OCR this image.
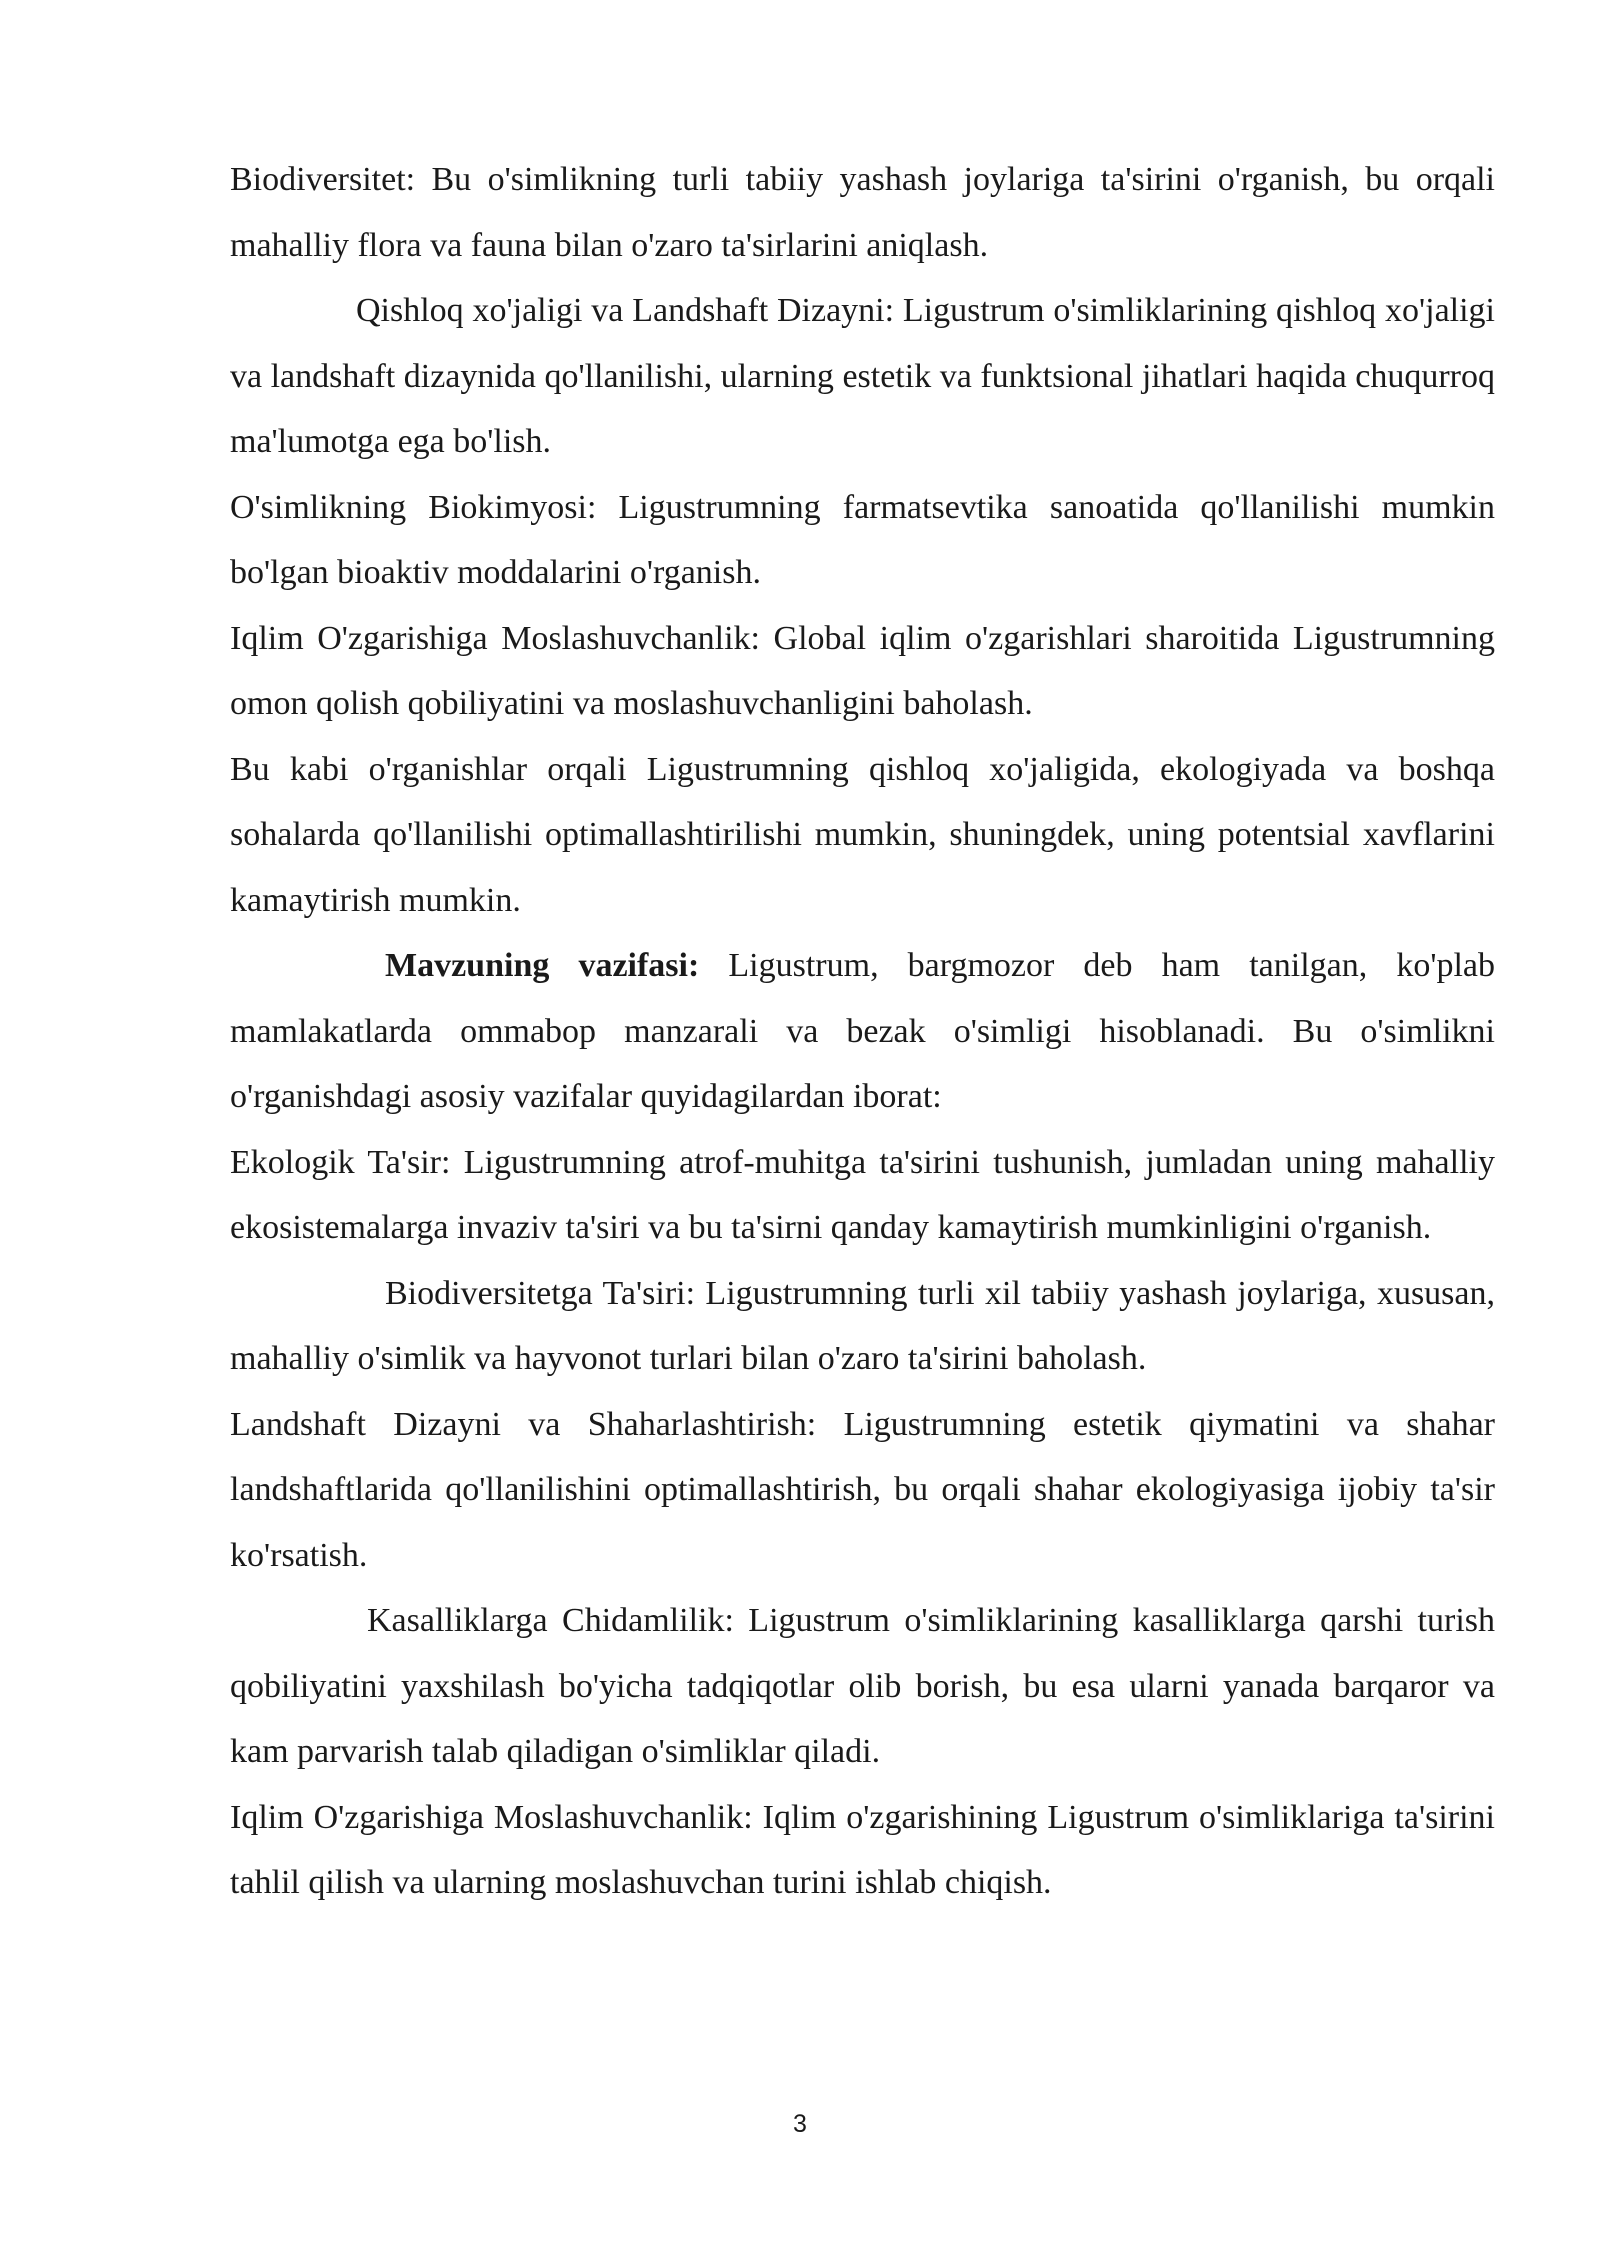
Biodiversitet: Bu o'simlikning turli tabiiy yashash joylariga ta'sirini o'rganish, bu orqali mahalliy flora va fauna bilan o'zaro ta'sirlarini aniqlash.

Qishloq xo'jaligi va Landshaft Dizayni: Ligustrum o'simliklarining qishloq xo'jaligi va landshaft dizaynida qo'llanilishi, ularning estetik va funktsional jihatlari haqida chuqurroq ma'lumotga ega bo'lish.

O'simlikning Biokimyosi: Ligustrumning farmatsevtika sanoatida qo'llanilishi mumkin bo'lgan bioaktiv moddalarini o'rganish.

Iqlim O'zgarishiga Moslashuvchanlik: Global iqlim o'zgarishlari sharoitida Ligustrumning omon qolish qobiliyatini va moslashuvchanligini baholash.

Bu kabi o'rganishlar orqali Ligustrumning qishloq xo'jaligida, ekologiyada va boshqa sohalarda qo'llanilishi optimallashtirilishi mumkin, shuningdek, uning potentsial xavflarini kamaytirish mumkin.

Mavzuning vazifasi: Ligustrum, bargmozor deb ham tanilgan, ko'plab mamlakatlarda ommabop manzarali va bezak o'simligi hisoblanadi. Bu o'simlikni o'rganishdagi asosiy vazifalar quyidagilardan iborat:

Ekologik Ta'sir: Ligustrumning atrof-muhitga ta'sirini tushunish, jumladan uning mahalliy ekosistemalarga invaziv ta'siri va bu ta'sirni qanday kamaytirish mumkinligini o'rganish.

Biodiversitetga Ta'siri: Ligustrumning turli xil tabiiy yashash joylariga, xususan, mahalliy o'simlik va hayvonot turlari bilan o'zaro ta'sirini baholash.

Landshaft Dizayni va Shaharlashtirish: Ligustrumning estetik qiymatini va shahar landshaftlarida qo'llanilishini optimallashtirish, bu orqali shahar ekologiyasiga ijobiy ta'sir ko'rsatish.

Kasalliklarga Chidamlilik: Ligustrum o'simliklarining kasalliklarga qarshi turish qobiliyatini yaxshilash bo'yicha tadqiqotlar olib borish, bu esa ularni yanada barqaror va kam parvarish talab qiladigan o'simliklar qiladi.

Iqlim O'zgarishiga Moslashuvchanlik: Iqlim o'zgarishining Ligustrum o'simliklariga ta'sirini tahlil qilish va ularning moslashuvchan turini ishlab chiqish.

3
